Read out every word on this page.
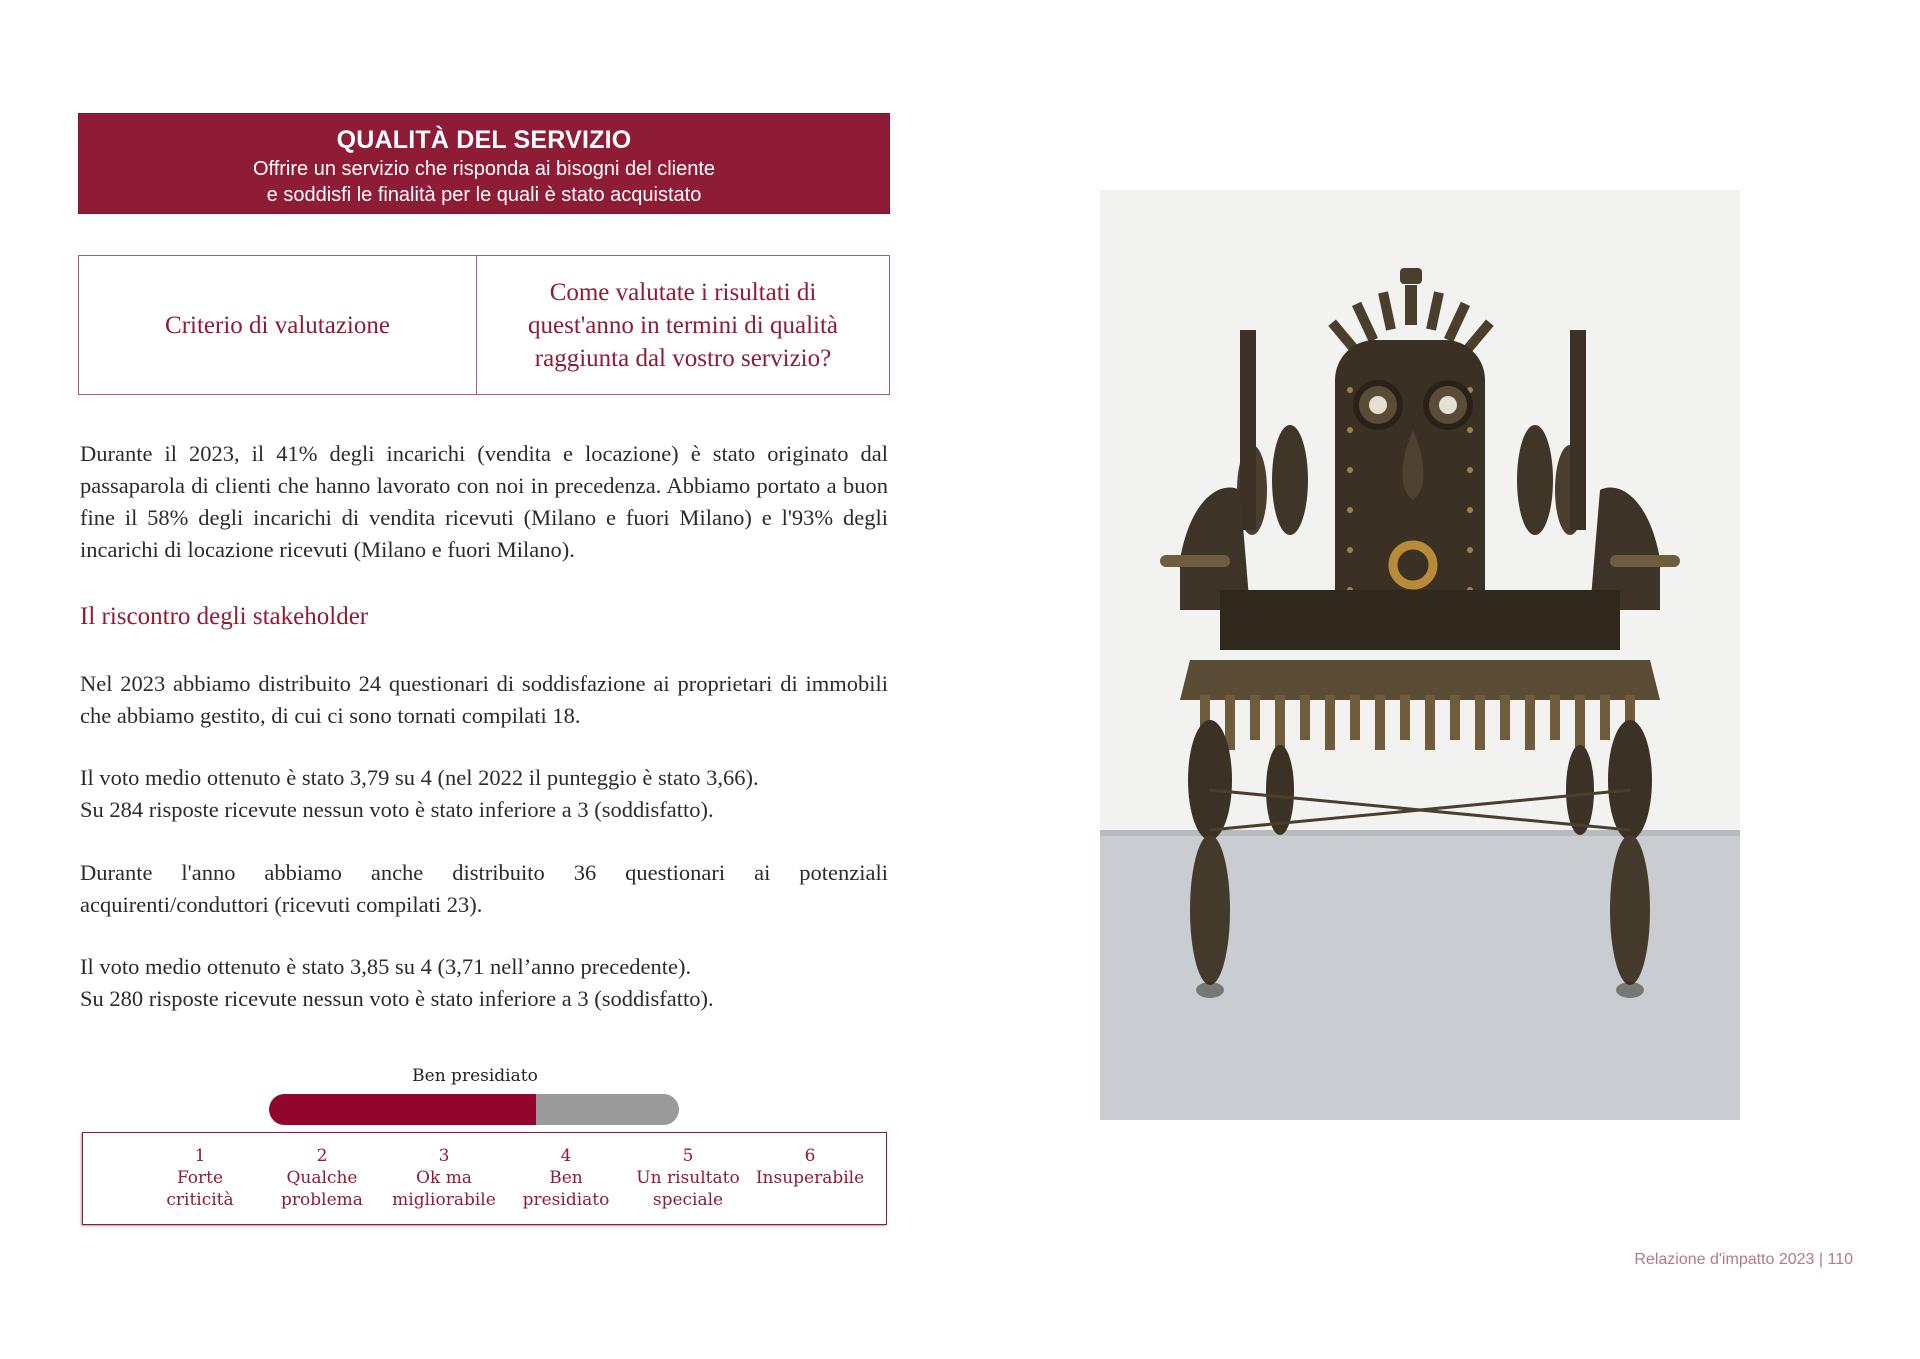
QUALITÀ DEL SERVIZIO
Offrire un servizio che risponda ai bisogni del cliente
e soddisfi le finalità per le quali è stato acquistato
Criterio di valutazione
Come valutate i risultati di
quest'anno in termini di qualità
raggiunta dal vostro servizio?

Durante il 2023, il 41% degli incarichi (vendita e locazione) è stato originato dal passaparola di clienti che hanno lavorato con noi in precedenza. Abbiamo portato a buon fine il 58% degli incarichi di vendita ricevuti (Milano e fuori Milano) e l'93% degli incarichi di locazione ricevuti (Milano e fuori Milano).

Il riscontro degli stakeholder

Nel 2023 abbiamo distribuito 24 questionari di soddisfazione ai proprietari di immobili che abbiamo gestito, di cui ci sono tornati compilati 18.

Il voto medio ottenuto è stato 3,79 su 4 (nel 2022 il punteggio è stato 3,66).
Su 284 risposte ricevute nessun voto è stato inferiore a 3 (soddisfatto).

Durante l'anno abbiamo anche distribuito 36 questionari ai potenziali acquirenti/conduttori (ricevuti compilati 23).

Il voto medio ottenuto è stato 3,85 su 4 (3,71 nell’anno precedente).
Su 280 risposte ricevute nessun voto è stato inferiore a 3 (soddisfatto).
Ben presidiato
1
Forte
criticità
2
Qualche
problema
3
Ok ma
migliorabile
4
Ben
presidiato
5
Un risultato
speciale
6
Insuperabile
Relazione d'impatto 2023 | 110
